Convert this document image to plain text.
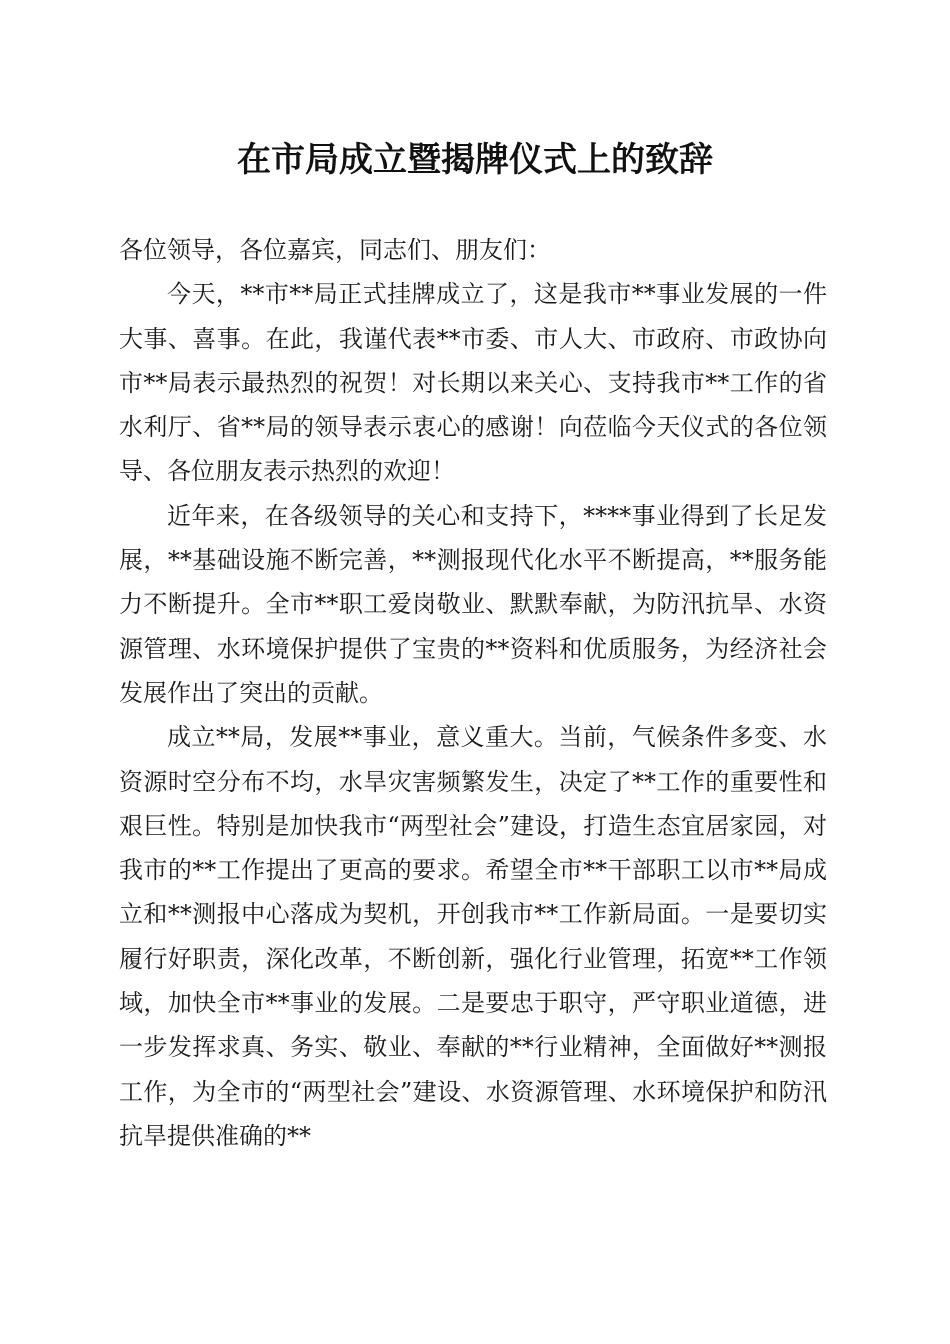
在市局成立暨揭牌仪式上的致辞

各位领导，各位嘉宾，同志们、朋友们：

今天，**市**局正式挂牌成立了，这是我市**事业发展的一件大事、喜事。在此，我谨代表**市委、市人大、市政府、市政协向市**局表示最热烈的祝贺！对长期以来关心、支持我市**工作的省水利厅、省**局的领导表示衷心的感谢！向莅临今天仪式的各位领导、各位朋友表示热烈的欢迎！

近年来，在各级领导的关心和支持下，****事业得到了长足发展，**基础设施不断完善，**测报现代化水平不断提高，**服务能力不断提升。全市**职工爱岗敬业、默默奉献，为防汛抗旱、水资源管理、水环境保护提供了宝贵的**资料和优质服务，为经济社会发展作出了突出的贡献。

成立**局，发展**事业，意义重大。当前，气候条件多变、水资源时空分布不均，水旱灾害频繁发生，决定了**工作的重要性和艰巨性。特别是加快我市“两型社会”建设，打造生态宜居家园，对我市的**工作提出了更高的要求。希望全市**干部职工以市**局成立和**测报中心落成为契机，开创我市**工作新局面。一是要切实履行好职责，深化改革，不断创新，强化行业管理，拓宽**工作领域，加快全市**事业的发展。二是要忠于职守，严守职业道德，进一步发挥求真、务实、敬业、奉献的**行业精神，全面做好**测报工作，为全市的“两型社会”建设、水资源管理、水环境保护和防汛抗旱提供准确的**
